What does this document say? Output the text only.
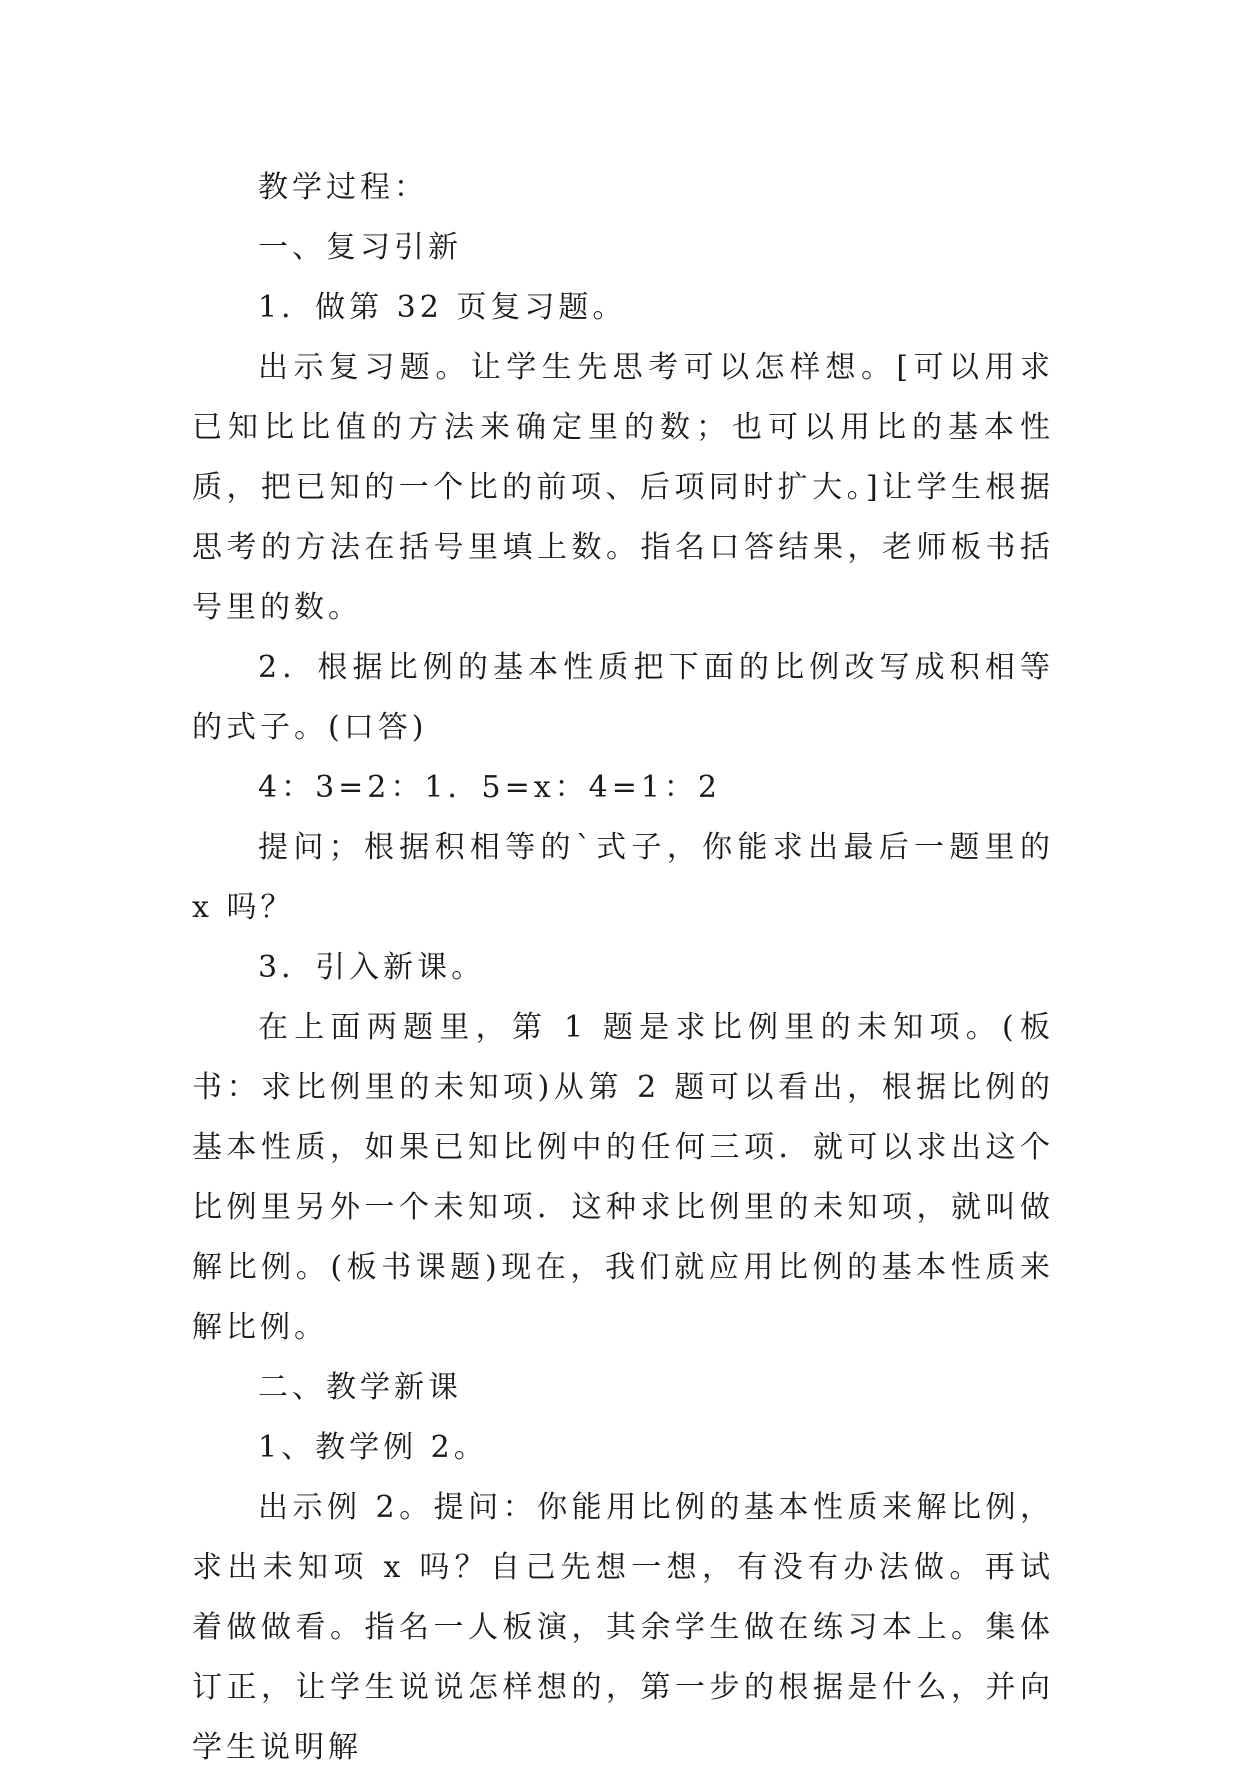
教学过程：

一、复习引新

1．做第 32 页复习题。

出示复习题。让学生先思考可以怎样想。[可以用求已知比比值的方法来确定里的数；也可以用比的基本性质，把已知的一个比的前项、后项同时扩大。]让学生根据思考的方法在括号里填上数。指名口答结果，老师板书括号里的数。

2．根据比例的基本性质把下面的比例改写成积相等的式子。(口答)

4：3=2：1．5=x：4=1：2

提问；根据积相等的`式子，你能求出最后一题里的 x 吗？

3．引入新课。

在上面两题里，第 1 题是求比例里的未知项。(板书：求比例里的未知项)从第 2 题可以看出，根据比例的基本性质，如果已知比例中的任何三项．就可以求出这个比例里另外一个未知项．这种求比例里的未知项，就叫做解比例。(板书课题)现在，我们就应用比例的基本性质来解比例。

二、教学新课

1、教学例 2。

出示例 2。提问：你能用比例的基本性质来解比例，求出未知项 x 吗？自己先想一想，有没有办法做。再试着做做看。指名一人板演，其余学生做在练习本上。集体订正，让学生说说怎样想的，第一步的根据是什么，并向学生说明解
